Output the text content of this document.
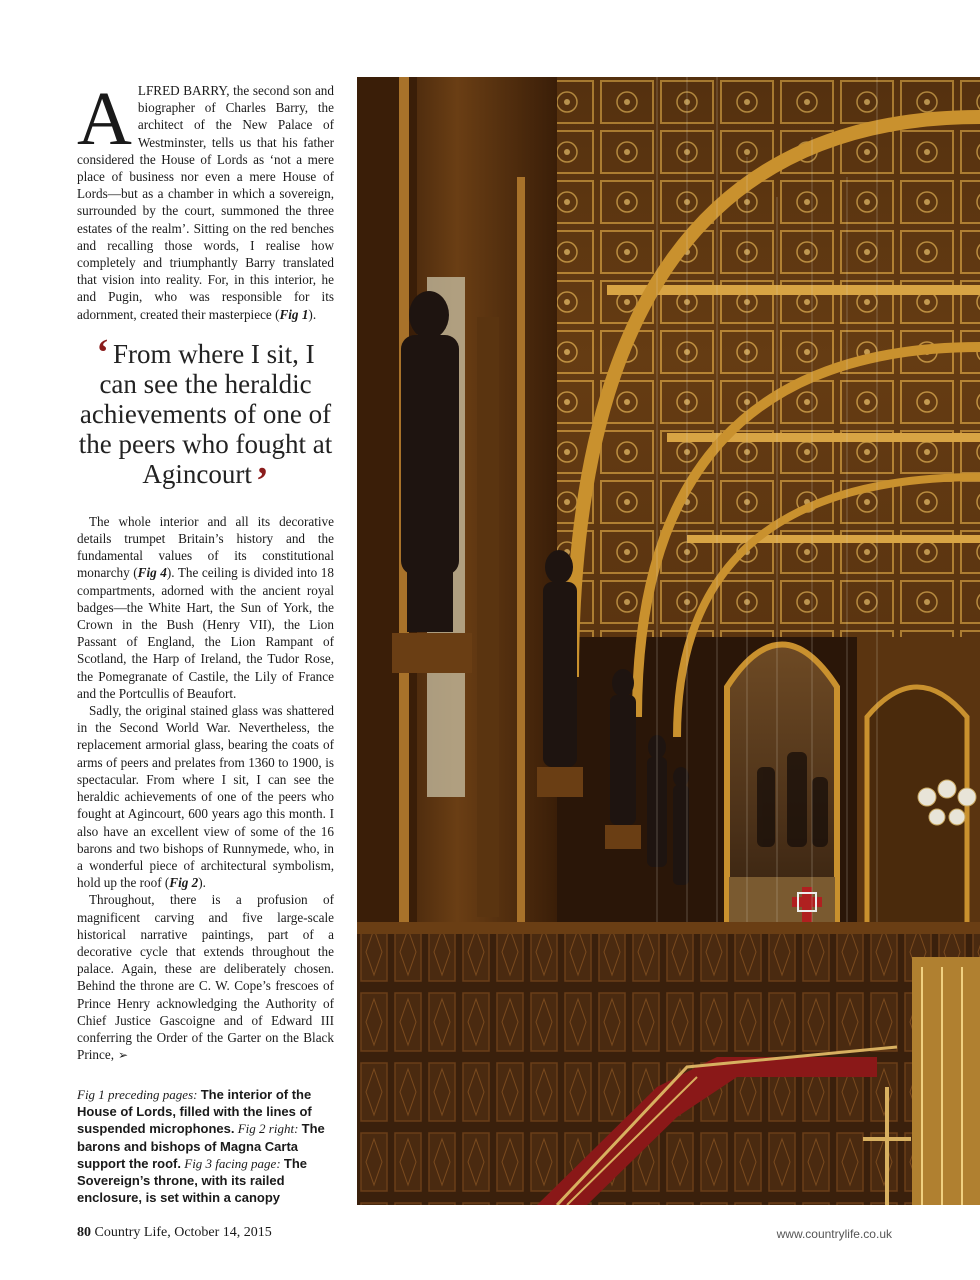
ALFRED BARRY, the second son and biographer of Charles Barry, the architect of the New Palace of Westminster, tells us that his father considered the House of Lords as ‘not a mere place of business nor even a mere House of Lords—but as a chamber in which a sovereign, surrounded by the court, summoned the three estates of the realm’. Sitting on the red benches and recalling those words, I realise how completely and triumphantly Barry translated that vision into reality. For, in this interior, he and Pugin, who was responsible for its adornment, created their masterpiece (Fig 1).

‘ From where I sit, I can see the heraldic achievements of one of the peers who fought at Agincourt ’

The whole interior and all its decorative details trumpet Britain’s history and the fundamental values of its constitutional monarchy (Fig 4). The ceiling is divided into 18 compartments, adorned with the ancient royal badges—the White Hart, the Sun of York, the Crown in the Bush (Henry VII), the Lion Passant of England, the Lion Rampant of Scotland, the Harp of Ireland, the Tudor Rose, the Pomegranate of Castile, the Lily of France and the Portcullis of Beaufort.

Sadly, the original stained glass was shattered in the Second World War. Nevertheless, the replacement armorial glass, bearing the coats of arms of peers and prelates from 1360 to 1900, is spectacular. From where I sit, I can see the heraldic achievements of one of the peers who fought at Agincourt, 600 years ago this month. I also have an excellent view of some of the 16 barons and two bishops of Runnymede, who, in a wonderful piece of architectural symbolism, hold up the roof (Fig 2).

Throughout, there is a profusion of magnificent carving and five large-scale historical narrative paintings, part of a decorative cycle that extends throughout the palace. Again, these are deliberately chosen. Behind the throne are C. W. Cope’s frescoes of Prince Henry acknowledging the Authority of Chief Justice Gascoigne and of Edward III conferring the Order of the Garter on the Black Prince, ➢

Fig 1 preceding pages: The interior of the House of Lords, filled with the lines of suspended microphones. Fig 2 right: The barons and bishops of Magna Carta support the roof. Fig 3 facing page: The Sovereign’s throne, with its railed enclosure, is set within a canopy

80 Country Life, October 14, 2015	www.countrylife.co.uk
